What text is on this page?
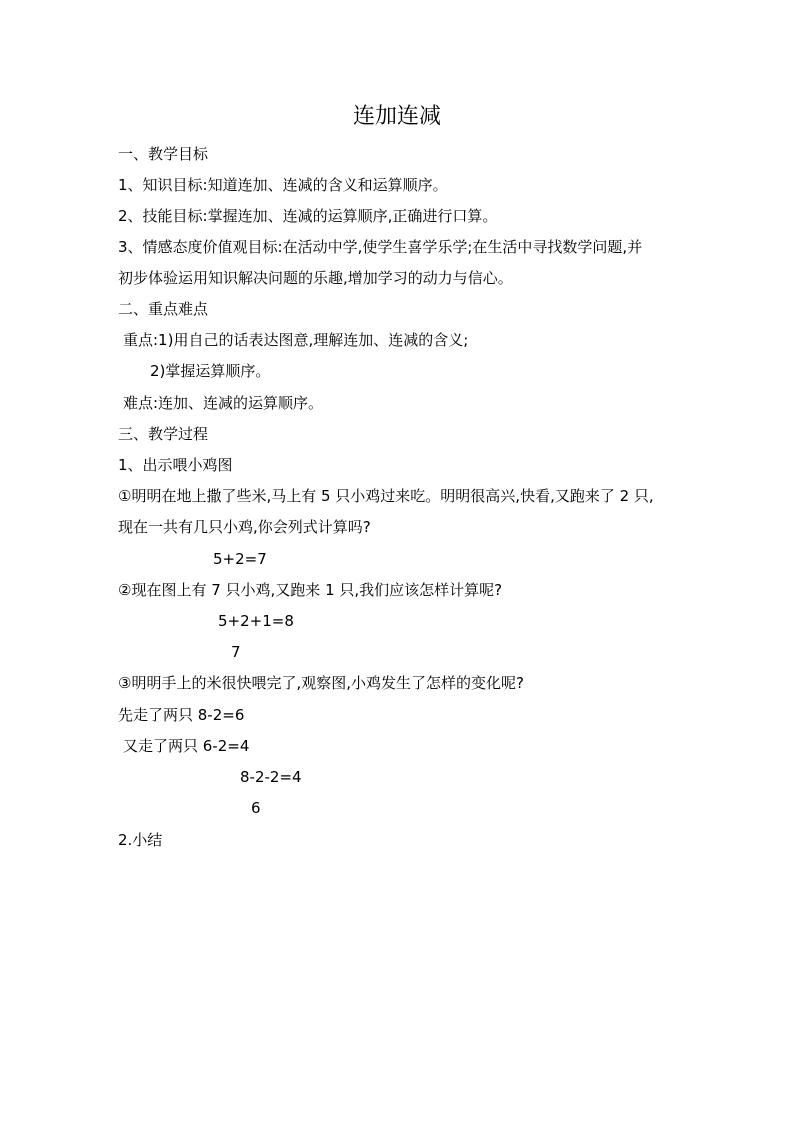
连加连减
一、教学目标
1、知识目标:知道连加、连减的含义和运算顺序。
2、技能目标:掌握连加、连减的运算顺序,正确进行口算。
3、情感态度价值观目标:在活动中学,使学生喜学乐学;在生活中寻找数学问题,并
初步体验运用知识解决问题的乐趣,增加学习的动力与信心。
二、重点难点
重点:1)用自己的话表达图意,理解连加、连减的含义;
2)掌握运算顺序。
难点:连加、连减的运算顺序。
三、教学过程
1、出示喂小鸡图
①明明在地上撒了些米,马上有 5 只小鸡过来吃。明明很高兴,快看,又跑来了 2 只,
现在一共有几只小鸡,你会列式计算吗?
5+2=7
②现在图上有 7 只小鸡,又跑来 1 只,我们应该怎样计算呢?
5+2+1=8
7
③明明手上的米很快喂完了,观察图,小鸡发生了怎样的变化呢?
先走了两只 8-2=6
又走了两只 6-2=4
8-2-2=4
6
2.小结
